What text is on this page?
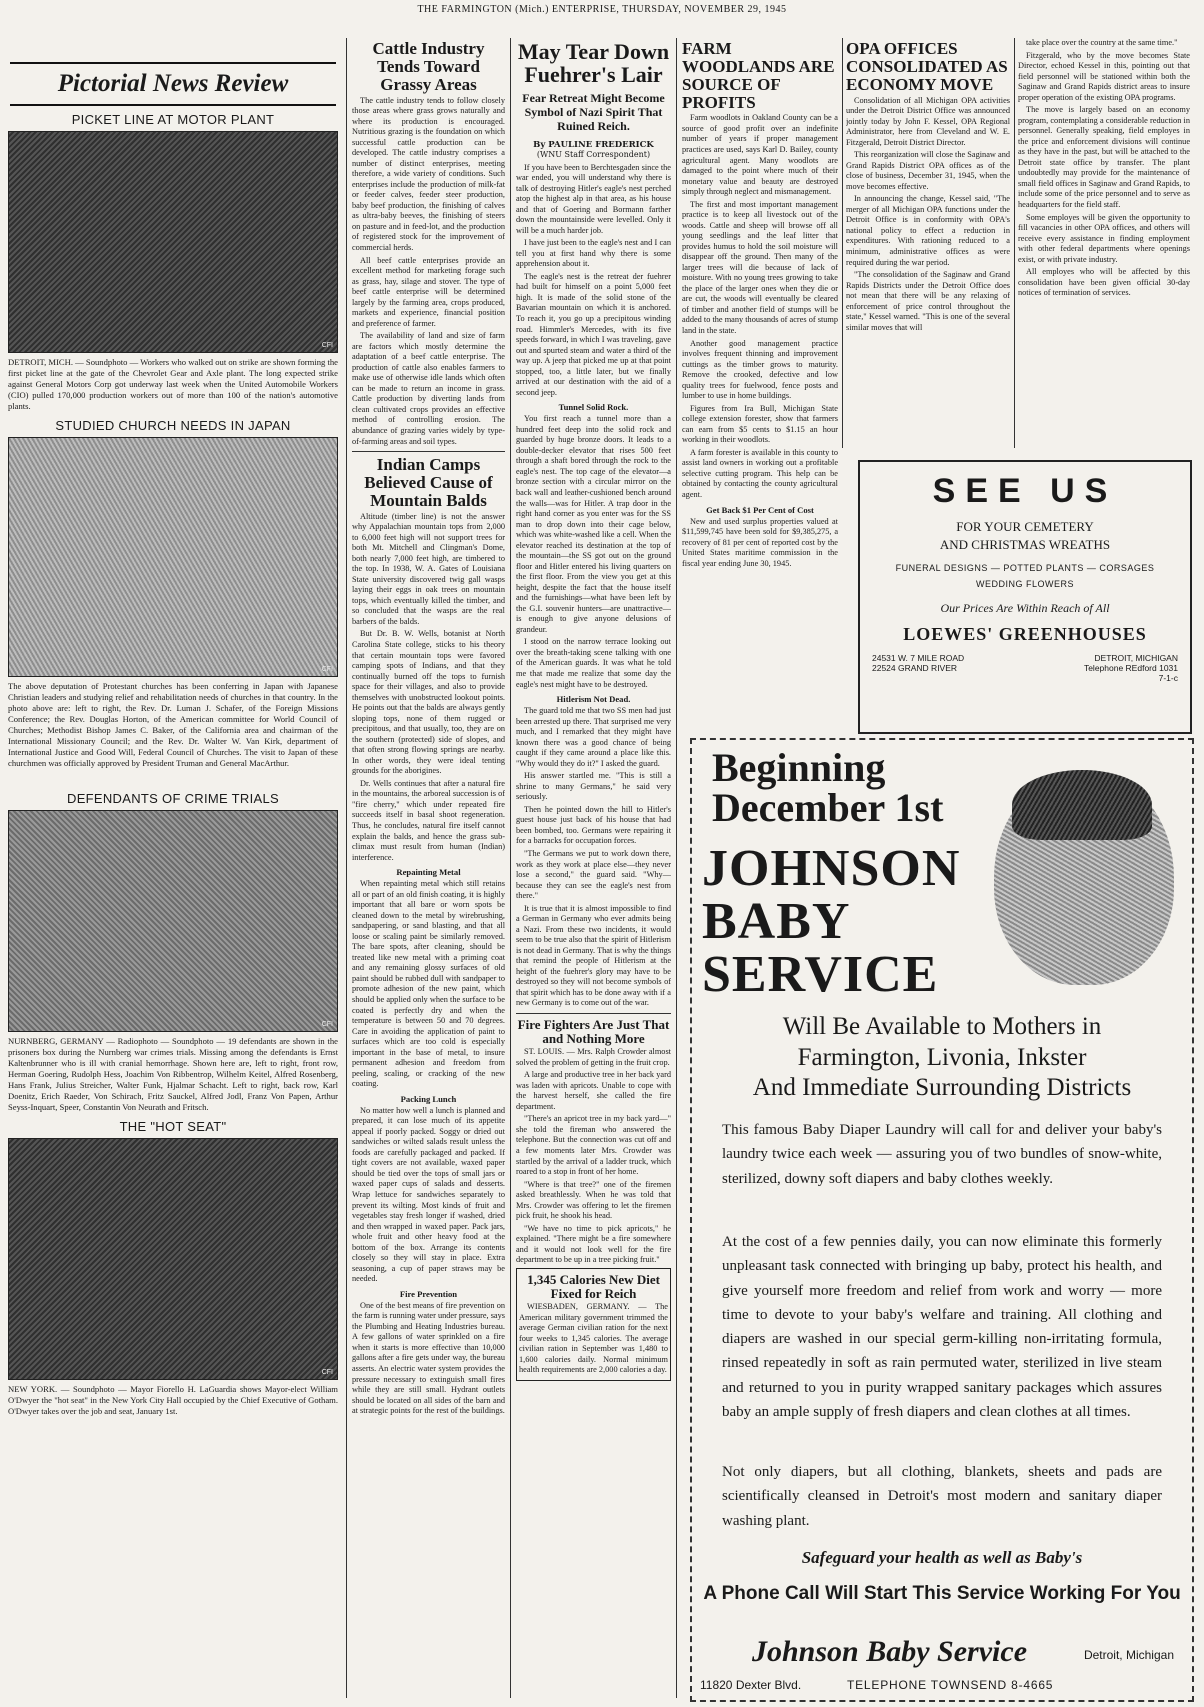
THE FARMINGTON (Mich.) ENTERPRISE, THURSDAY, NOVEMBER 29, 1945
Pictorial News Review
PICKET LINE AT MOTOR PLANT
CFI
DETROIT, MICH. — Soundphoto — Workers who walked out on strike are shown forming the first picket line at the gate of the Chevrolet Gear and Axle plant. The long expected strike against General Motors Corp got underway last week when the United Automobile Workers (CIO) pulled 170,000 production workers out of more than 100 of the nation's automotive plants.
STUDIED CHURCH NEEDS IN JAPAN
CFI
The above deputation of Protestant churches has been conferring in Japan with Japanese Christian leaders and studying relief and rehabilitation needs of churches in that country. In the photo above are: left to right, the Rev. Dr. Luman J. Schafer, of the Foreign Missions Conference; the Rev. Douglas Horton, of the American committee for World Council of Churches; Methodist Bishop James C. Baker, of the California area and chairman of the International Missionary Council; and the Rev. Dr. Walter W. Van Kirk, department of International Justice and Good Will, Federal Council of Churches. The visit to Japan of these churchmen was officially approved by President Truman and General MacArthur.
DEFENDANTS OF CRIME TRIALS
CFI
NURNBERG, GERMANY — Radiophoto — Soundphoto — 19 defendants are shown in the prisoners box during the Nurnberg war crimes trials. Missing among the defendants is Ernst Kaltenbrunner who is ill with cranial hemorrhage. Shown here are, left to right, front row, Herman Goering, Rudolph Hess, Joachim Von Ribbentrop, Wilhelm Keitel, Alfred Rosenberg, Hans Frank, Julius Streicher, Walter Funk, Hjalmar Schacht. Left to right, back row, Karl Doenitz, Erich Raeder, Von Schirach, Fritz Sauckel, Alfred Jodl, Franz Von Papen, Arthur Seyss-Inquart, Speer, Constantin Von Neurath and Fritsch.
THE "HOT SEAT"
CFI
NEW YORK. — Soundphoto — Mayor Fiorello H. LaGuardia shows Mayor-elect William O'Dwyer the "hot seat" in the New York City Hall occupied by the Chief Executive of Gotham. O'Dwyer takes over the job and seat, January 1st.
Cattle Industry Tends Toward Grassy Areas

The cattle industry tends to follow closely those areas where grass grows naturally and where its production is encouraged. Nutritious grazing is the foundation on which successful cattle production can be developed. The cattle industry comprises a number of distinct enterprises, meeting therefore, a wide variety of conditions. Such enterprises include the production of milk-fat or feeder calves, feeder steer production, baby beef production, the finishing of calves as ultra-baby beeves, the finishing of steers on pasture and in feed-lot, and the production of registered stock for the improvement of commercial herds.

All beef cattle enterprises provide an excellent method for marketing forage such as grass, hay, silage and stover. The type of beef cattle enterprise will be determined largely by the farming area, crops produced, markets and experience, financial position and preference of farmer.

The availability of land and size of farm are factors which mostly determine the adaptation of a beef cattle enterprise. The production of cattle also enables farmers to make use of otherwise idle lands which often can be made to return an income in grass. Cattle production by diverting lands from clean cultivated crops provides an effective method of controlling erosion. The abundance of grazing varies widely by type-of-farming areas and soil types.

Indian Camps Believed Cause of Mountain Balds

Altitude (timber line) is not the answer why Appalachian mountain tops from 2,000 to 6,000 feet high will not support trees for both Mt. Mitchell and Clingman's Dome, both nearly 7,000 feet high, are timbered to the top. In 1938, W. A. Gates of Louisiana State university discovered twig gall wasps laying their eggs in oak trees on mountain tops, which eventually killed the timber, and so concluded that the wasps are the real barbers of the balds.

But Dr. B. W. Wells, botanist at North Carolina State college, sticks to his theory that certain mountain tops were favored camping spots of Indians, and that they continually burned off the tops to furnish space for their villages, and also to provide themselves with unobstructed lookout points. He points out that the balds are always gently sloping tops, none of them rugged or precipitous, and that usually, too, they are on the southern (protected) side of slopes, and that often strong flowing springs are nearby. In other words, they were ideal tenting grounds for the aborigines.

Dr. Wells continues that after a natural fire in the mountains, the arboreal succession is of "fire cherry," which under repeated fire succeeds itself in basal shoot regeneration. Thus, he concludes, natural fire itself cannot explain the balds, and hence the grass sub-climax must result from human (Indian) interference.

Repainting Metal

When repainting metal which still retains all or part of an old finish coating, it is highly important that all bare or worn spots be cleaned down to the metal by wirebrushing, sandpapering, or sand blasting, and that all loose or scaling paint be similarly removed. The bare spots, after cleaning, should be treated like new metal with a priming coat and any remaining glossy surfaces of old paint should be rubbed dull with sandpaper to promote adhesion of the new paint, which should be applied only when the surface to be coated is perfectly dry and when the temperature is between 50 and 70 degrees. Care in avoiding the application of paint to surfaces which are too cold is especially important in the base of metal, to insure permanent adhesion and freedom from peeling, scaling, or cracking of the new coating.

Packing Lunch

No matter how well a lunch is planned and prepared, it can lose much of its appetite appeal if poorly packed. Soggy or dried out sandwiches or wilted salads result unless the foods are carefully packaged and packed. If tight covers are not available, waxed paper should be tied over the tops of small jars or waxed paper cups of salads and desserts. Wrap lettuce for sandwiches separately to prevent its wilting. Most kinds of fruit and vegetables stay fresh longer if washed, dried and then wrapped in waxed paper. Pack jars, whole fruit and other heavy food at the bottom of the box. Arrange its contents closely so they will stay in place. Extra seasoning, a cup of paper straws may be needed.

Fire Prevention

One of the best means of fire prevention on the farm is running water under pressure, says the Plumbing and Heating Industries bureau. A few gallons of water sprinkled on a fire when it starts is more effective than 10,000 gallons after a fire gets under way, the bureau asserts. An electric water system provides the pressure necessary to extinguish small fires while they are still small. Hydrant outlets should be located on all sides of the barn and at strategic points for the rest of the buildings.

May Tear Down Fuehrer's Lair
Fear Retreat Might Become Symbol of Nazi Spirit That Ruined Reich.
By PAULINE FREDERICK
(WNU Staff Correspondent)

If you have been to Berchtesgaden since the war ended, you will understand why there is talk of destroying Hitler's eagle's nest perched atop the highest alp in that area, as his house and that of Goering and Bormann farther down the mountainside were levelled. Only it will be a much harder job.

I have just been to the eagle's nest and I can tell you at first hand why there is some apprehension about it.

The eagle's nest is the retreat der fuehrer had built for himself on a point 5,000 feet high. It is made of the solid stone of the Bavarian mountain on which it is anchored. To reach it, you go up a precipitous winding road. Himmler's Mercedes, with its five speeds forward, in which I was traveling, gave out and spurted steam and water a third of the way up. A jeep that picked me up at that point stopped, too, a little later, but we finally arrived at our destination with the aid of a second jeep.

Tunnel Solid Rock.

You first reach a tunnel more than a hundred feet deep into the solid rock and guarded by huge bronze doors. It leads to a double-decker elevator that rises 500 feet through a shaft bored through the rock to the eagle's nest. The top cage of the elevator—a bronze section with a circular mirror on the back wall and leather-cushioned bench around the walls—was for Hitler. A trap door in the right hand corner as you enter was for the SS man to drop down into their cage below, which was white-washed like a cell. When the elevator reached its destination at the top of the mountain—the SS got out on the ground floor and Hitler entered his living quarters on the first floor. From the view you get at this height, despite the fact that the house itself and the furnishings—what have been left by the G.I. souvenir hunters—are unattractive—is enough to give anyone delusions of grandeur.

I stood on the narrow terrace looking out over the breath-taking scene talking with one of the American guards. It was what he told me that made me realize that some day the eagle's nest might have to be destroyed.

Hitlerism Not Dead.

The guard told me that two SS men had just been arrested up there. That surprised me very much, and I remarked that they might have known there was a good chance of being caught if they came around a place like this. "Why would they do it?" I asked the guard.

His answer startled me. "This is still a shrine to many Germans," he said very seriously.

Then he pointed down the hill to Hitler's guest house just back of his house that had been bombed, too. Germans were repairing it for a barracks for occupation forces.

"The Germans we put to work down there, work as they work at place else—they never lose a second," the guard said. "Why—because they can see the eagle's nest from there."

It is true that it is almost impossible to find a German in Germany who ever admits being a Nazi. From these two incidents, it would seem to be true also that the spirit of Hitlerism is not dead in Germany. That is why the things that remind the people of Hitlerism at the height of the fuehrer's glory may have to be destroyed so they will not become symbols of that spirit which has to be done away with if a new Germany is to come out of the war.

Fire Fighters Are Just That and Nothing More

ST. LOUIS. — Mrs. Ralph Crowder almost solved the problem of getting in the fruit crop.

A large and productive tree in her back yard was laden with apricots. Unable to cope with the harvest herself, she called the fire department.

"There's an apricot tree in my back yard—" she told the fireman who answered the telephone. But the connection was cut off and a few moments later Mrs. Crowder was startled by the arrival of a ladder truck, which roared to a stop in front of her home.

"Where is that tree?" one of the firemen asked breathlessly. When he was told that Mrs. Crowder was offering to let the firemen pick fruit, he shook his head.

"We have no time to pick apricots," he explained. "There might be a fire somewhere and it would not look well for the fire department to be up in a tree picking fruit."

1,345 Calories New Diet Fixed for Reich

WIESBADEN, GERMANY. — The American military government trimmed the average German civilian ration for the next four weeks to 1,345 calories. The average civilian ration in September was 1,480 to 1,600 calories daily. Normal minimum health requirements are 2,000 calories a day.

FARM WOODLANDS ARE SOURCE OF PROFITS

Farm woodlots in Oakland County can be a source of good profit over an indefinite number of years if proper management practices are used, says Karl D. Bailey, county agricultural agent. Many woodlots are damaged to the point where much of their monetary value and beauty are destroyed simply through neglect and mismanagement.

The first and most important management practice is to keep all livestock out of the woods. Cattle and sheep will browse off all young seedlings and the leaf litter that provides humus to hold the soil moisture will disappear off the ground. Then many of the larger trees will die because of lack of moisture. With no young trees growing to take the place of the larger ones when they die or are cut, the woods will eventually be cleared of timber and another field of stumps will be added to the many thousands of acres of stump land in the state.

Another good management practice involves frequent thinning and improvement cuttings as the timber grows to maturity. Remove the crooked, defective and low quality trees for fuelwood, fence posts and lumber to use in home buildings.

Figures from Ira Bull, Michigan State college extension forester, show that farmers can earn from $5 cents to $1.15 an hour working in their woodlots.

A farm forester is available in this county to assist land owners in working out a profitable selective cutting program. This help can be obtained by contacting the county agricultural agent.

Get Back $1 Per Cent of Cost

New and used surplus properties valued at $11,599,745 have been sold for $9,385,275, a recovery of 81 per cent of reported cost by the United States maritime commission in the fiscal year ending June 30, 1945.

OPA OFFICES CONSOLIDATED AS ECONOMY MOVE

Consolidation of all Michigan OPA activities under the Detroit District Office was announced jointly today by John F. Kessel, OPA Regional Administrator, here from Cleveland and W. E. Fitzgerald, Detroit District Director.

This reorganization will close the Saginaw and Grand Rapids District OPA offices as of the close of business, December 31, 1945, when the move becomes effective.

In announcing the change, Kessel said, "The merger of all Michigan OPA functions under the Detroit Office is in conformity with OPA's national policy to effect a reduction in expenditures. With rationing reduced to a minimum, administrative offices as were required during the war period.

"The consolidation of the Saginaw and Grand Rapids Districts under the Detroit Office does not mean that there will be any relaxing of enforcement of price control throughout the state," Kessel warned. "This is one of the several similar moves that will

take place over the country at the same time."

Fitzgerald, who by the move becomes State Director, echoed Kessel in this, pointing out that field personnel will be stationed within both the Saginaw and Grand Rapids district areas to insure proper operation of the existing OPA programs.

The move is largely based on an economy program, contemplating a considerable reduction in personnel. Generally speaking, field employes in the price and enforcement divisions will continue as they have in the past, but will be attached to the Detroit state office by transfer. The plant undoubtedly may provide for the maintenance of small field offices in Saginaw and Grand Rapids, to include some of the price personnel and to serve as headquarters for the field staff.

Some employes will be given the opportunity to fill vacancies in other OPA offices, and others will receive every assistance in finding employment with other federal departments where openings exist, or with private industry.

All employes who will be affected by this consolidation have been given official 30-day notices of termination of services.

SEE US
FOR YOUR CEMETERY
AND CHRISTMAS WREATHS
FUNERAL DESIGNS — POTTED PLANTS — CORSAGES
WEDDING FLOWERS
Our Prices Are Within Reach of All
LOEWES' GREENHOUSES
24531 W. 7 MILE ROAD
22524 GRAND RIVER
DETROIT, MICHIGAN
Telephone REdford 1031
7-1-c
Beginning
December 1st
JOHNSON
BABY
SERVICE
Will Be Available to Mothers in
Farmington, Livonia, Inkster
And Immediate Surrounding Districts
This famous Baby Diaper Laundry will call for and deliver your baby's laundry twice each week — assuring you of two bundles of snow-white, sterilized, downy soft diapers and baby clothes weekly.
At the cost of a few pennies daily, you can now eliminate this formerly unpleasant task connected with bringing up baby, protect his health, and give yourself more freedom and relief from work and worry — more time to devote to your baby's welfare and training. All clothing and diapers are washed in our special germ-killing non-irritating formula, rinsed repeatedly in soft as rain permuted water, sterilized in live steam and returned to you in purity wrapped sanitary packages which assures baby an ample supply of fresh diapers and clean clothes at all times.
Not only diapers, but all clothing, blankets, sheets and pads are scientifically cleansed in Detroit's most modern and sanitary diaper washing plant.
Safeguard your health as well as Baby's
A Phone Call Will Start This Service Working For You
Johnson Baby Service	Detroit, Michigan
11820 Dexter Blvd.	TELEPHONE TOWNSEND 8-4665
